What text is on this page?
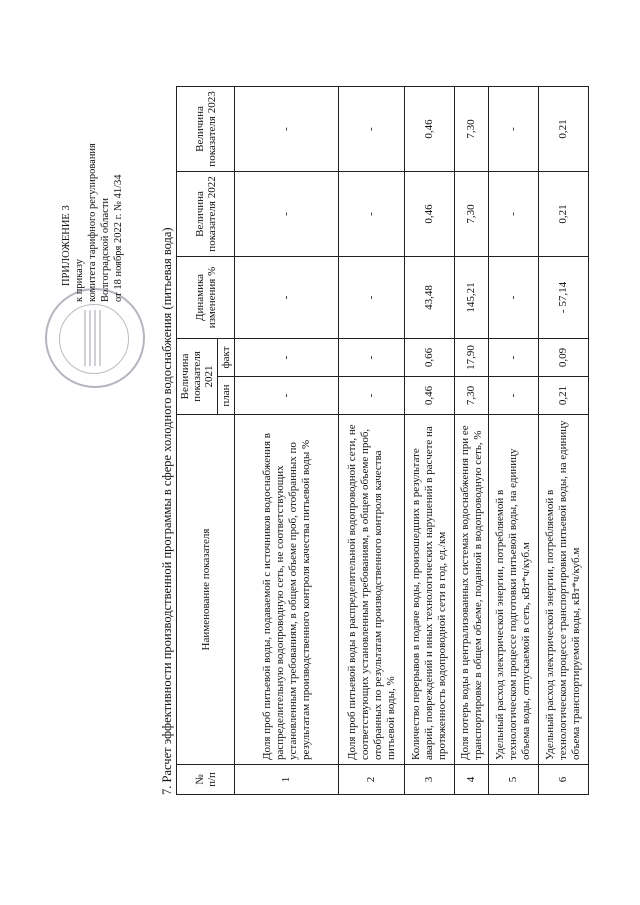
ПРИЛОЖЕНИЕ 3 к приказу комитета тарифного регулирования Волгоградской области от 18 ноября 2022 г. № 41/34	7. Расчет эффективности производственной программы в сфере холодного водоснабжения (питьевая вода) № п/п	Наименование показателя	Величина показателя 2021		Динамика изменения %	Величина показателя 2022	Величина показателя 2023
		план	факт			
1	Доля проб питьевой воды, подаваемой с источников водоснабжения в распределительную водопроводную сеть, не соответствующих установленным требованиям, в общем объеме проб, отобранных по результатам производственного контроля качества питьевой воды %	-	-	-	-	-
2	Доля проб питьевой воды в распределительной водопроводной сети, не соответствующих установленным требованиям, в общем объеме проб, отобранных по результатам производственного контроля качества питьевой воды, %	-	-	-	-	-
3	Количество перерывов в подаче воды, произошедших в результате аварий, повреждений и иных технологических нарушений в расчете на протяженность водопроводной сети в год, ед./км	0,46	0,66	43,48	0,46	0,46
4	Доля потерь воды в централизованных системах водоснабжения при ее транспортировке в общем объеме, поданной в водопроводную сеть, %	7,30	17,90	145,21	7,30	7,30
5	Удельный расход электрической энергии, потребляемой в технологическом процессе подготовки питьевой воды, на единицу объема воды, отпускаемой в сеть, кВт*ч/куб.м	-	-	-	-	-
6	Удельный расход электрической энергии, потребляемой в технологическом процессе транспортировки питьевой воды, на единицу объема транспортируемой воды, кВт*ч/куб.м	0,21	0,09	- 57,14	0,21	0,21
